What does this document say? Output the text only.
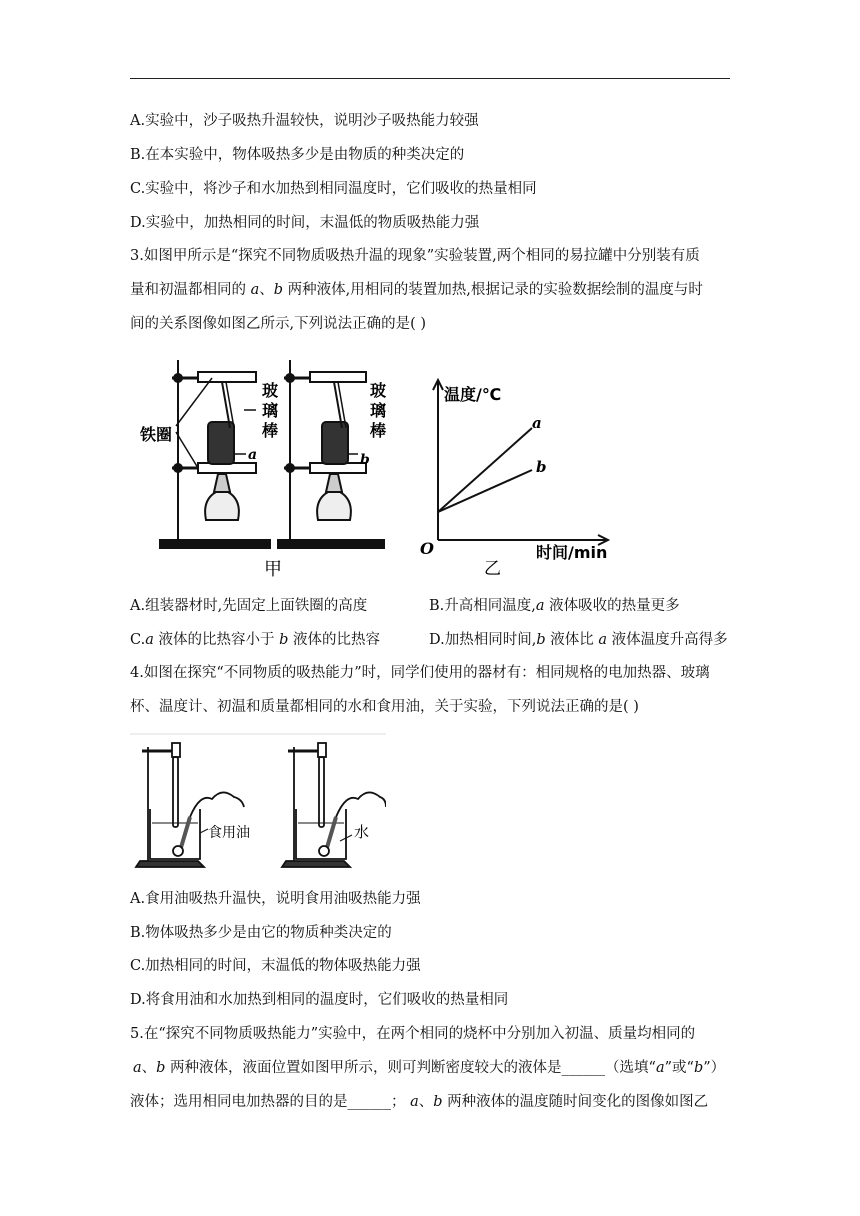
A.实验中，沙子吸热升温较快，说明沙子吸热能力较强
B.在本实验中，物体吸热多少是由物质的种类决定的
C.实验中，将沙子和水加热到相同温度时，它们吸收的热量相同
D.实验中，加热相同的时间，末温低的物质吸热能力强
3.如图甲所示是“探究不同物质吸热升温的现象”实验装置,两个相同的易拉罐中分别装有质
量和初温都相同的 a、b 两种液体,用相同的装置加热,根据记录的实验数据绘制的温度与时
间的关系图像如图乙所示,下列说法正确的是( )
铁圈
玻
璃
棒
玻
璃
棒
a	b
甲
温度/℃
时间/min
O
a
b
乙
A.组装器材时,先固定上面铁圈的高度	B.升高相同温度,a 液体吸收的热量更多
C.a 液体的比热容小于 b 液体的比热容	D.加热相同时间,b 液体比 a 液体温度升高得多
4.如图在探究“不同物质的吸热能力”时，同学们使用的器材有：相同规格的电加热器、玻璃
杯、温度计、初温和质量都相同的水和食用油，关于实验，下列说法正确的是( )
食用油	水
A.食用油吸热升温快，说明食用油吸热能力强
B.物体吸热多少是由它的物质种类决定的
C.加热相同的时间，末温低的物体吸热能力强
D.将食用油和水加热到相同的温度时，它们吸收的热量相同
5.在“探究不同物质吸热能力”实验中，在两个相同的烧杯中分别加入初温、质量均相同的
a、b 两种液体，液面位置如图甲所示，则可判断密度较大的液体是______（选填“a”或“b”）
液体；选用相同电加热器的目的是______； a、b 两种液体的温度随时间变化的图像如图乙
